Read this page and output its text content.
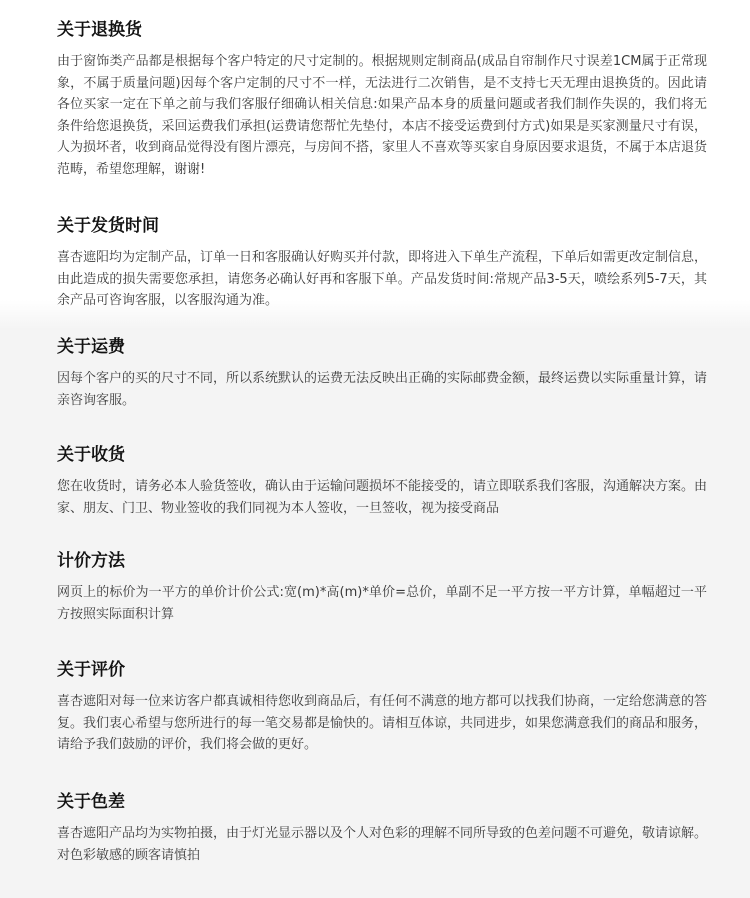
关于退换货

由于窗饰类产品都是根据每个客户特定的尺寸定制的。根据规则定制商品(成品自帘制作尺寸误差1CM属于正常现象，不属于质量问题)因每个客户定制的尺寸不一样，无法进行二次销售，是不支持七天无理由退换货的。因此请各位买家一定在下单之前与我们客服仔细确认相关信息:如果产品本身的质量问题或者我们制作失误的，我们将无条件给您退换货，采回运费我们承担(运费请您帮忙先垫付，本店不接受运费到付方式)如果是买家测量尺寸有误，人为损坏者，收到商品觉得没有图片漂亮，与房间不搭，家里人不喜欢等买家自身原因要求退货，不属于本店退货范畴，希望您理解，谢谢!

关于发货时间

喜杏遮阳均为定制产品，订单一日和客服确认好购买并付款，即将进入下单生产流程，下单后如需更改定制信息，由此造成的损失需要您承担，请您务必确认好再和客服下单。产品发货时间:常规产品3-5天，喷绘系列5-7天，其余产品可咨询客服，以客服沟通为准。

关于运费

因每个客户的买的尺寸不同，所以系统默认的运费无法反映出正确的实际邮费金额，最终运费以实际重量计算，请亲咨询客服。

关于收货

您在收货时，请务必本人验货签收，确认由于运输问题损坏不能接受的，请立即联系我们客服，沟通解决方案。由家、朋友、门卫、物业签收的我们同视为本人签收，一旦签收，视为接受商品

计价方法

网页上的标价为一平方的单价计价公式:宽(m)*高(m)*单价=总价，单副不足一平方按一平方计算，单幅超过一平方按照实际面积计算

关于评价

喜杏遮阳对每一位来访客户都真诚相待您收到商品后，有任何不满意的地方都可以找我们协商，一定给您满意的答复。我们衷心希望与您所进行的每一笔交易都是愉快的。请相互体谅，共同进步，如果您满意我们的商品和服务，请给予我们鼓励的评价，我们将会做的更好。

关于色差

喜杏遮阳产品均为实物拍摄，由于灯光显示器以及个人对色彩的理解不同所导致的色差问题不可避免，敬请谅解。对色彩敏感的顾客请慎拍
